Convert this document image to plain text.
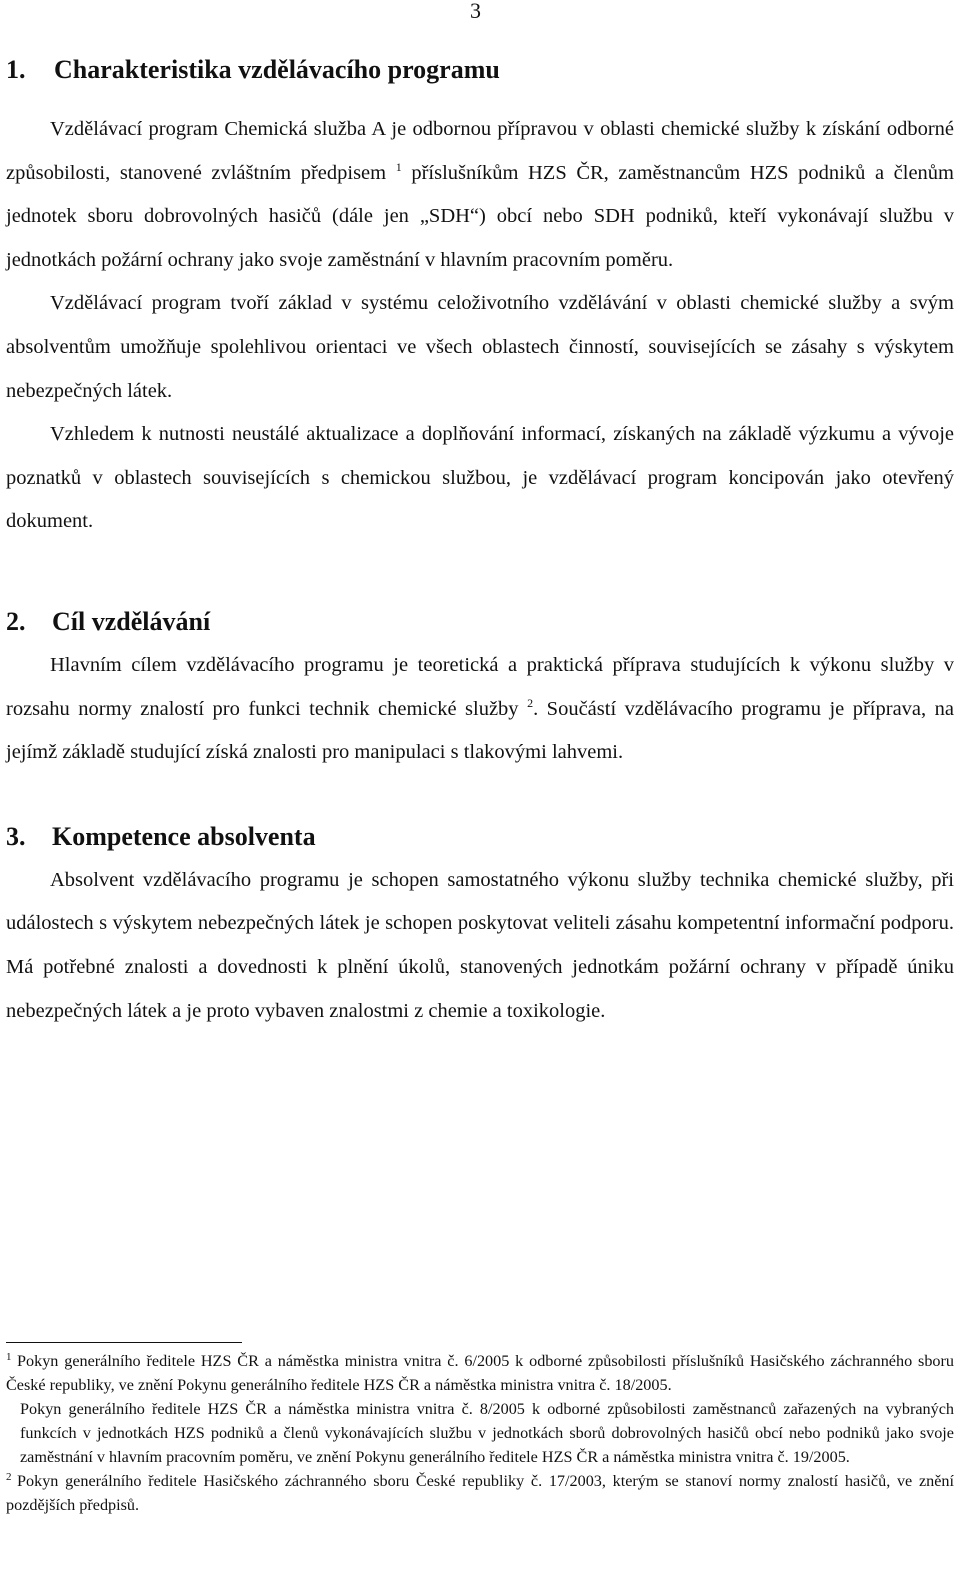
3
1. Charakteristika vzdělávacího programu

Vzdělávací program Chemická služba A je odbornou přípravou v oblasti chemické služby k získání odborné způsobilosti, stanovené zvláštním předpisem $^1$ příslušníkům HZS ČR, zaměstnancům HZS podniků a členům jednotek sboru dobrovolných hasičů (dále jen „SDH“) obcí nebo SDH podniků, kteří vykonávají službu v jednotkách požární ochrany jako svoje zaměstnání v hlavním pracovním poměru.

Vzdělávací program tvoří základ v systému celoživotního vzdělávání v oblasti chemické služby a svým absolventům umožňuje spolehlivou orientaci ve všech oblastech činností, souvisejících se zásahy s výskytem nebezpečných látek.

Vzhledem k nutnosti neustálé aktualizace a doplňování informací, získaných na základě výzkumu a vývoje poznatků v oblastech souvisejících s chemickou službou, je vzdělávací program koncipován jako otevřený dokument.

2. Cíl vzdělávání

Hlavním cílem vzdělávacího programu je teoretická a praktická příprava studujících k výkonu služby v rozsahu normy znalostí pro funkci technik chemické služby $^2$. Součástí vzdělávacího programu je příprava, na jejímž základě studující získá znalosti pro manipulaci s tlakovými lahvemi.

3. Kompetence absolventa

Absolvent vzdělávacího programu je schopen samostatného výkonu služby technika chemické služby, při událostech s výskytem nebezpečných látek je schopen poskytovat veliteli zásahu kompetentní informační podporu. Má potřebné znalosti a dovednosti k plnění úkolů, stanovených jednotkám požární ochrany v případě úniku nebezpečných látek a je proto vybaven znalostmi z chemie a toxikologie.

1 Pokyn generálního ředitele HZS ČR a náměstka ministra vnitra č. 6/2005 k odborné způsobilosti příslušníků Hasičského záchranného sboru České republiky, ve znění Pokynu generálního ředitele HZS ČR a náměstka ministra vnitra č. 18/2005.
Pokyn generálního ředitele HZS ČR a náměstka ministra vnitra č. 8/2005 k odborné způsobilosti zaměstnanců zařazených na vybraných funkcích v jednotkách HZS podniků a členů vykonávajících službu v jednotkách sborů dobrovolných hasičů obcí nebo podniků jako svoje zaměstnání v hlavním pracovním poměru, ve znění Pokynu generálního ředitele HZS ČR a náměstka ministra vnitra č. 19/2005.
2 Pokyn generálního ředitele Hasičského záchranného sboru České republiky č. 17/2003, kterým se stanoví normy znalostí hasičů, ve znění pozdějších předpisů.
